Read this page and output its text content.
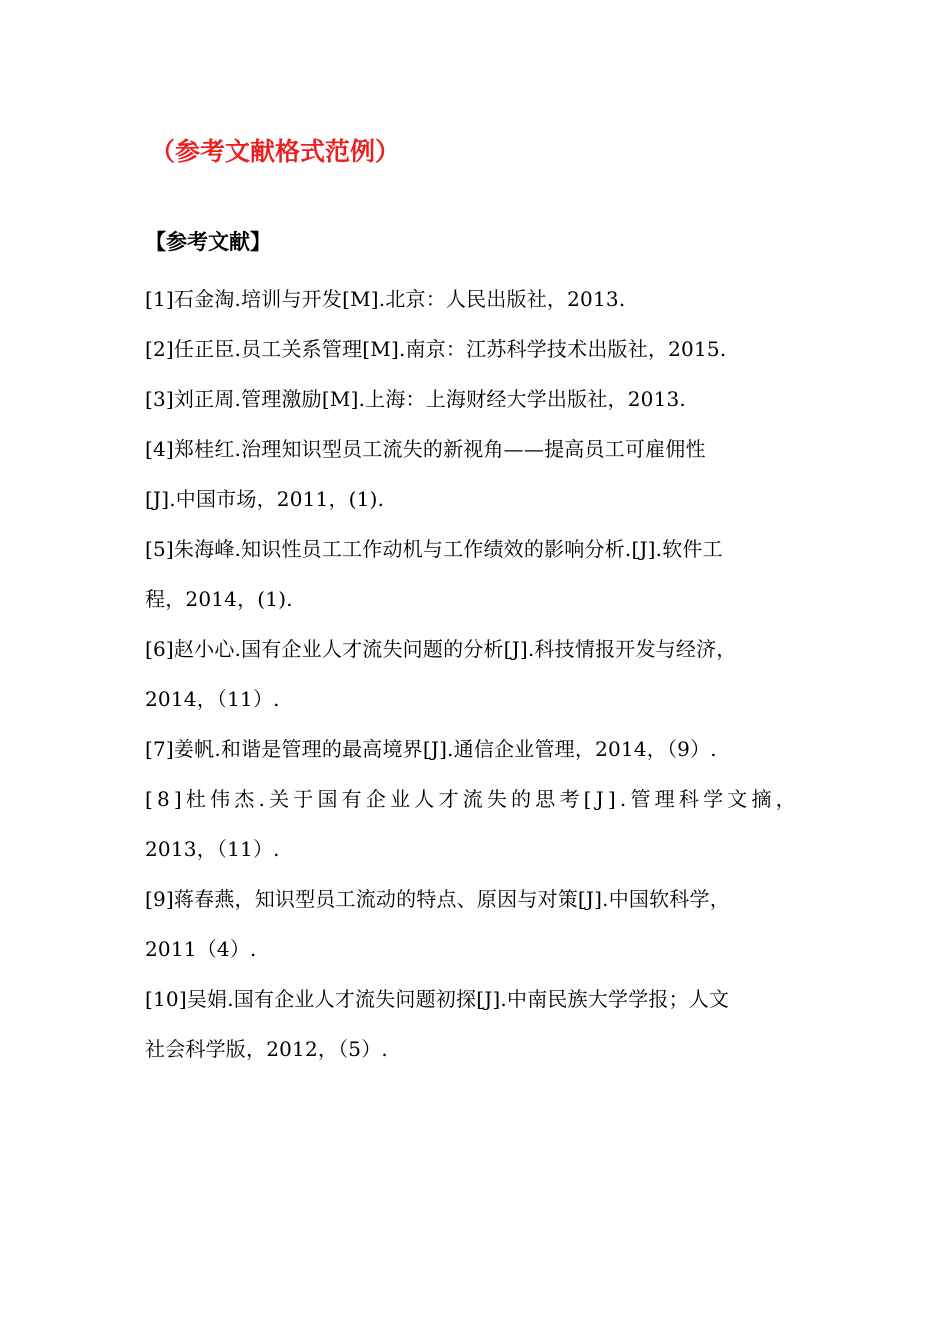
（参考文献格式范例）
【参考文献】
[1]石金淘.培训与开发[M].北京：人民出版社，2013.
[2]任正臣.员工关系管理[M].南京：江苏科学技术出版社，2015.
[3]刘正周.管理激励[M].上海：上海财经大学出版社，2013.
[4]郑桂红.治理知识型员工流失的新视角——提高员工可雇佣性
[J].中国市场，2011，(1).
[5]朱海峰.知识性员工工作动机与工作绩效的影响分析.[J].软件工
程，2014，(1).
[6]赵小心.国有企业人才流失问题的分析[J].科技情报开发与经济，
2014，（11）.
[7]姜帆.和谐是管理的最高境界[J].通信企业管理，2014，（9）.
[8]杜伟杰.关于国有企业人才流失的思考[J].管理科学文摘，
2013，（11）.
[9]蒋春燕，知识型员工流动的特点、原因与对策[J].中国软科学，
2011（4）.
[10]吴娟.国有企业人才流失问题初探[J].中南民族大学学报；人文
社会科学版，2012，（5）.
